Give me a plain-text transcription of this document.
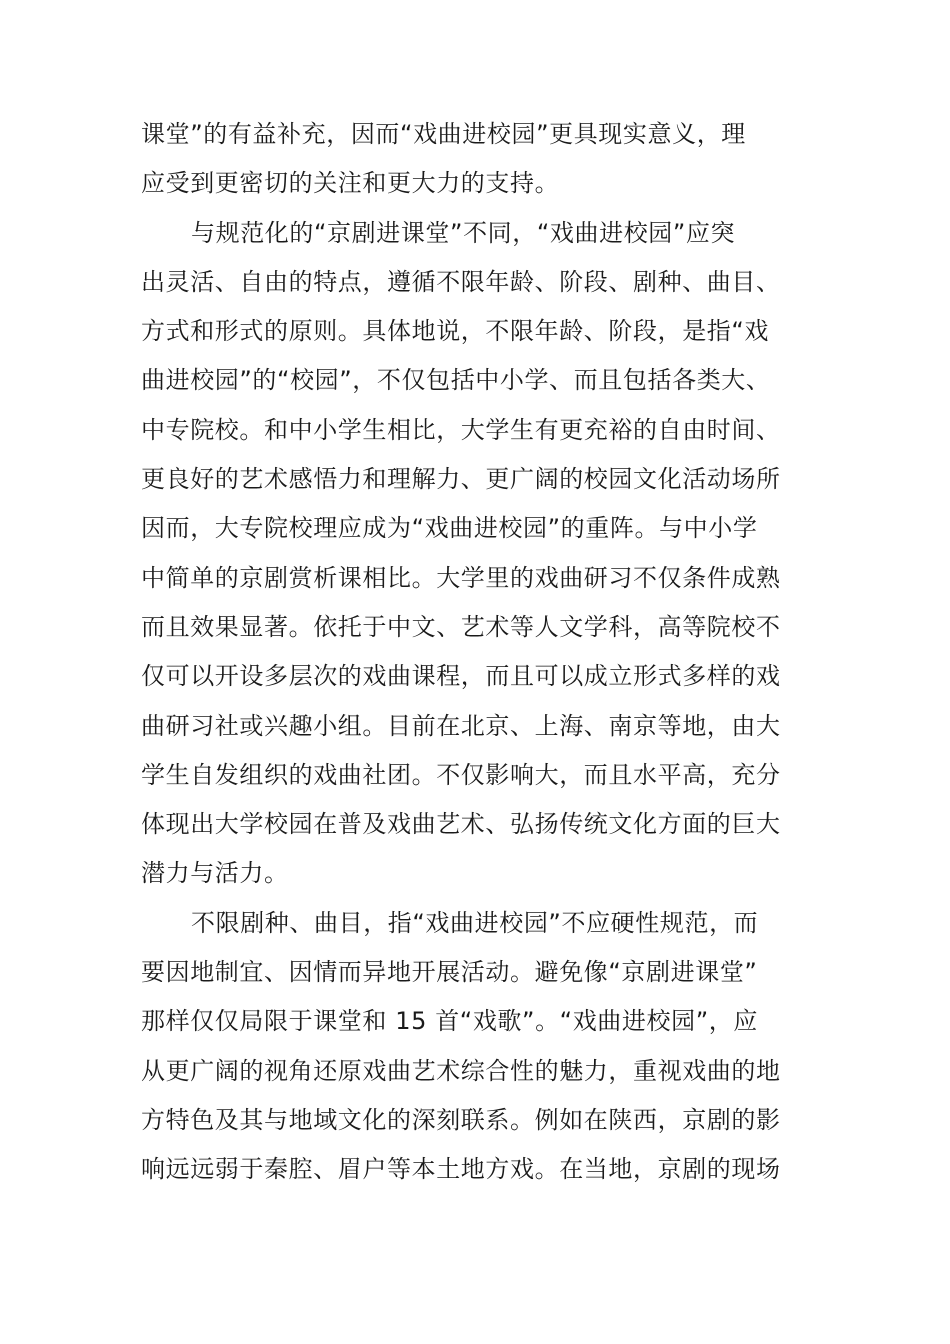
课堂”的有益补充，因而“戏曲进校园”更具现实意义，理
应受到更密切的关注和更大力的支持。
与规范化的“京剧进课堂”不同，“戏曲进校园”应突
出灵活、自由的特点，遵循不限年龄、阶段、剧种、曲目、
方式和形式的原则。具体地说，不限年龄、阶段，是指“戏
曲进校园”的“校园”，不仅包括中小学、而且包括各类大、
中专院校。和中小学生相比，大学生有更充裕的自由时间、
更良好的艺术感悟力和理解力、更广阔的校园文化活动场所
因而，大专院校理应成为“戏曲进校园”的重阵。与中小学
中简单的京剧赏析课相比。大学里的戏曲研习不仅条件成熟
而且效果显著。依托于中文、艺术等人文学科，高等院校不
仅可以开设多层次的戏曲课程，而且可以成立形式多样的戏
曲研习社或兴趣小组。目前在北京、上海、南京等地，由大
学生自发组织的戏曲社团。不仅影响大，而且水平高，充分
体现出大学校园在普及戏曲艺术、弘扬传统文化方面的巨大
潜力与活力。
不限剧种、曲目，指“戏曲进校园”不应硬性规范，而
要因地制宜、因情而异地开展活动。避免像“京剧进课堂”
那样仅仅局限于课堂和 15 首“戏歌”。“戏曲进校园”，应
从更广阔的视角还原戏曲艺术综合性的魅力，重视戏曲的地
方特色及其与地域文化的深刻联系。例如在陕西，京剧的影
响远远弱于秦腔、眉户等本土地方戏。在当地，京剧的现场
